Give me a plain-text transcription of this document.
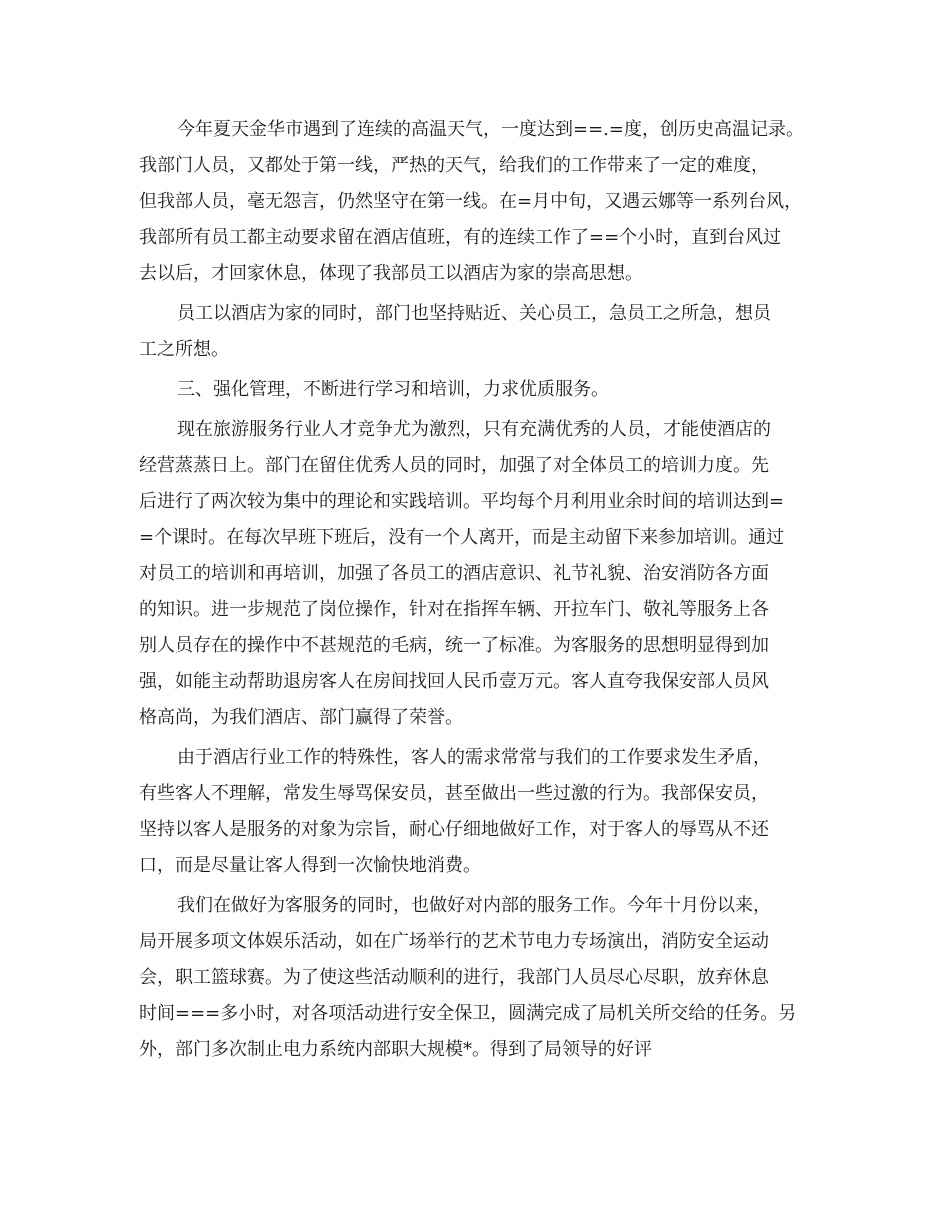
今年夏天金华市遇到了连续的高温天气，一度达到==.=度，创历史高温记录。
我部门人员，又都处于第一线，严热的天气，给我们的工作带来了一定的难度，
但我部人员，毫无怨言，仍然坚守在第一线。在=月中旬，又遇云娜等一系列台风，
我部所有员工都主动要求留在酒店值班，有的连续工作了==个小时，直到台风过
去以后，才回家休息，体现了我部员工以酒店为家的崇高思想。
员工以酒店为家的同时，部门也坚持贴近、关心员工，急员工之所急，想员
工之所想。
三、强化管理，不断进行学习和培训，力求优质服务。
现在旅游服务行业人才竞争尤为激烈，只有充满优秀的人员，才能使酒店的
经营蒸蒸日上。部门在留住优秀人员的同时，加强了对全体员工的培训力度。先
后进行了两次较为集中的理论和实践培训。平均每个月利用业余时间的培训达到=
=个课时。在每次早班下班后，没有一个人离开，而是主动留下来参加培训。通过
对员工的培训和再培训，加强了各员工的酒店意识、礼节礼貌、治安消防各方面
的知识。进一步规范了岗位操作，针对在指挥车辆、开拉车门、敬礼等服务上各
别人员存在的操作中不甚规范的毛病，统一了标准。为客服务的思想明显得到加
强，如能主动帮助退房客人在房间找回人民币壹万元。客人直夸我保安部人员风
格高尚，为我们酒店、部门赢得了荣誉。
由于酒店行业工作的特殊性，客人的需求常常与我们的工作要求发生矛盾，
有些客人不理解，常发生辱骂保安员，甚至做出一些过激的行为。我部保安员，
坚持以客人是服务的对象为宗旨，耐心仔细地做好工作，对于客人的辱骂从不还
口，而是尽量让客人得到一次愉快地消费。
我们在做好为客服务的同时，也做好对内部的服务工作。今年十月份以来，
局开展多项文体娱乐活动，如在广场举行的艺术节电力专场演出，消防安全运动
会，职工篮球赛。为了使这些活动顺利的进行，我部门人员尽心尽职，放弃休息
时间===多小时，对各项活动进行安全保卫，圆满完成了局机关所交给的任务。另
外，部门多次制止电力系统内部职大规模*。得到了局领导的好评
